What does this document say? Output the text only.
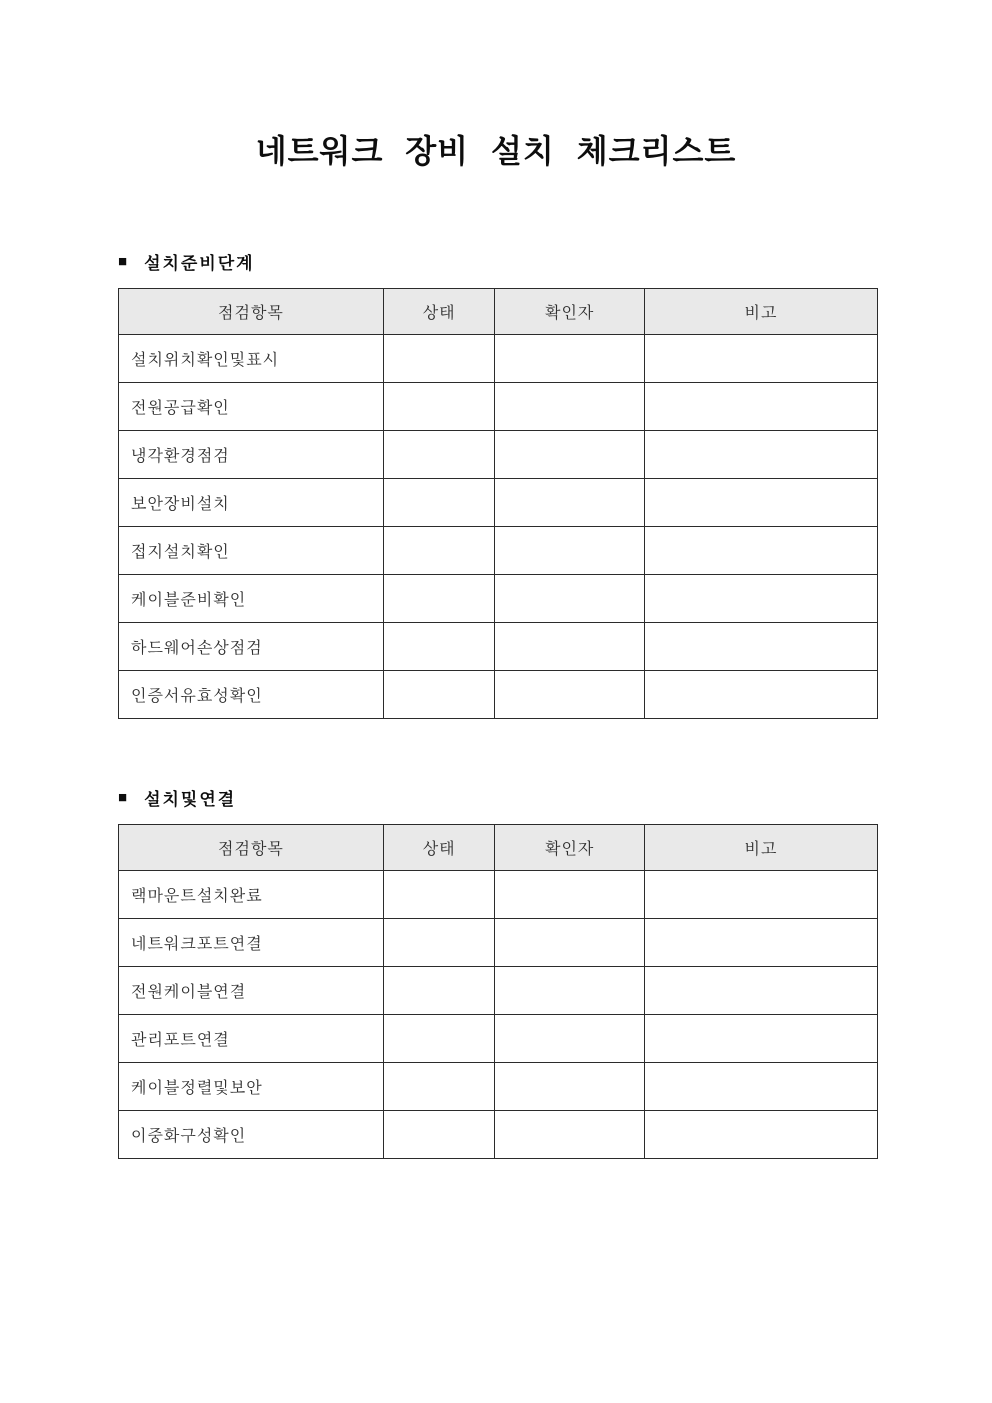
네트워크 장비 설치 체크리스트
■ 설치준비단계
점검항목	상태	확인자	비고
설치위치확인및표시			
전원공급확인			
냉각환경점검			
보안장비설치			
접지설치확인			
케이블준비확인			
하드웨어손상점검			
인증서유효성확인			
■ 설치및연결
점검항목	상태	확인자	비고
랙마운트설치완료			
네트워크포트연결			
전원케이블연결			
관리포트연결			
케이블정렬및보안			
이중화구성확인			
